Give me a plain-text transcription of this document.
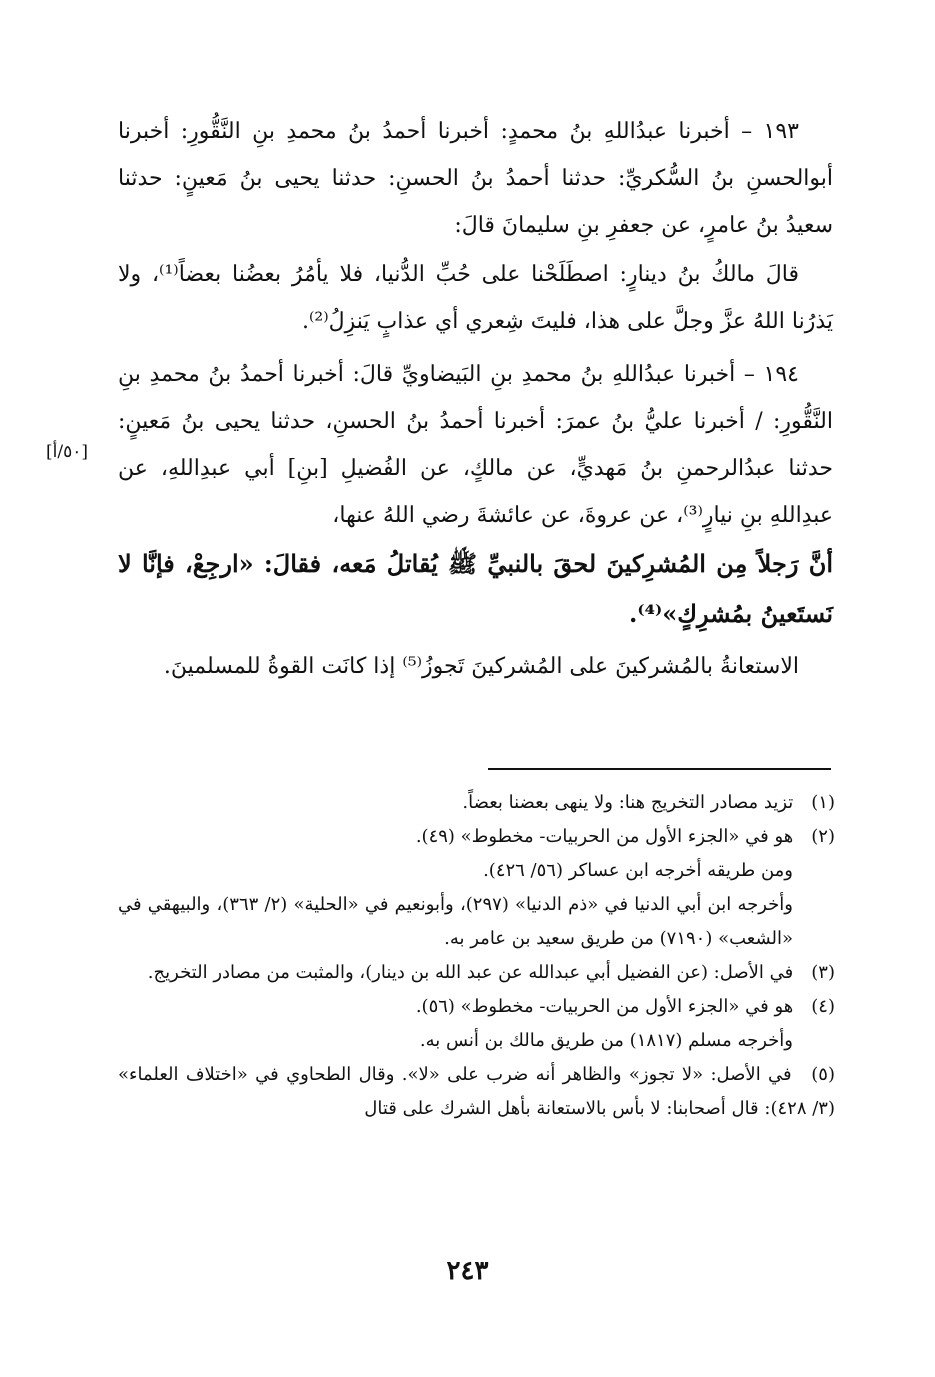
١٩٣ – أخبرنا عبدُاللهِ بنُ محمدٍ: أخبرنا أحمدُ بنُ محمدِ بنِ النَّقُّورِ: أخبرنا أبوالحسنِ بنُ السُّكريِّ: حدثنا أحمدُ بنُ الحسنِ: حدثنا يحيى بنُ مَعينٍ: حدثنا سعيدُ بنُ عامرٍ، عن جعفرِ بنِ سليمانَ قالَ:

قالَ مالكُ بنُ دينارٍ: اصطَلَحْنا على حُبِّ الدُّنيا، فلا يأمُرُ بعضُنا بعضاً⁽¹⁾، ولا يَذرُنا اللهُ عزَّ وجلَّ على هذا، فليتَ شِعري أي عذابٍ يَنزِلُ⁽²⁾.

١٩٤ – أخبرنا عبدُاللهِ بنُ محمدِ بنِ البَيضاويِّ قالَ: أخبرنا أحمدُ بنُ محمدِ بنِ النَّقُّورِ: / أخبرنا عليُّ بنُ عمرَ: أخبرنا أحمدُ بنُ الحسنِ، حدثنا يحيى بنُ مَعينٍ: حدثنا عبدُالرحمنِ بنُ مَهديٍّ، عن مالكٍ، عن الفُضيلِ [بنِ] أبي عبدِاللهِ، عن عبدِاللهِ بنِ نيارٍ⁽³⁾، عن عروةَ، عن عائشةَ رضي اللهُ عنها،

أنَّ رَجلاً مِن المُشرِكينَ لحقَ بالنبيِّ ﷺ يُقاتلُ مَعه، فقالَ: «ارجِعْ، فإنَّا لا نَستَعينُ بمُشرِكٍ»⁽⁴⁾.

الاستعانةُ بالمُشركينَ على المُشركينَ تَجوزُ⁽⁵⁾ إذا كانَت القوةُ للمسلمينَ.

[٥٠/أ]

(١) تزيد مصادر التخريج هنا: ولا ينهى بعضنا بعضاً.

(٢) هو في «الجزء الأول من الحربيات- مخطوط» (٤٩).

ومن طريقه أخرجه ابن عساكر (٥٦/ ٤٢٦).

وأخرجه ابن أبي الدنيا في «ذم الدنيا» (٢٩٧)، وأبونعيم في «الحلية» (٢/ ٣٦٣)، والبيهقي في «الشعب» (٧١٩٠) من طريق سعيد بن عامر به.

(٣) في الأصل: (عن الفضيل أبي عبدالله عن عبد الله بن دينار)، والمثبت من مصادر التخريج.

(٤) هو في «الجزء الأول من الحربيات- مخطوط» (٥٦).

وأخرجه مسلم (١٨١٧) من طريق مالك بن أنس به.

(٥) في الأصل: «لا تجوز» والظاهر أنه ضرب على «لا». وقال الطحاوي في «اختلاف العلماء» (٣/ ٤٢٨): قال أصحابنا: لا بأس بالاستعانة بأهل الشرك على قتال

٢٤٣
